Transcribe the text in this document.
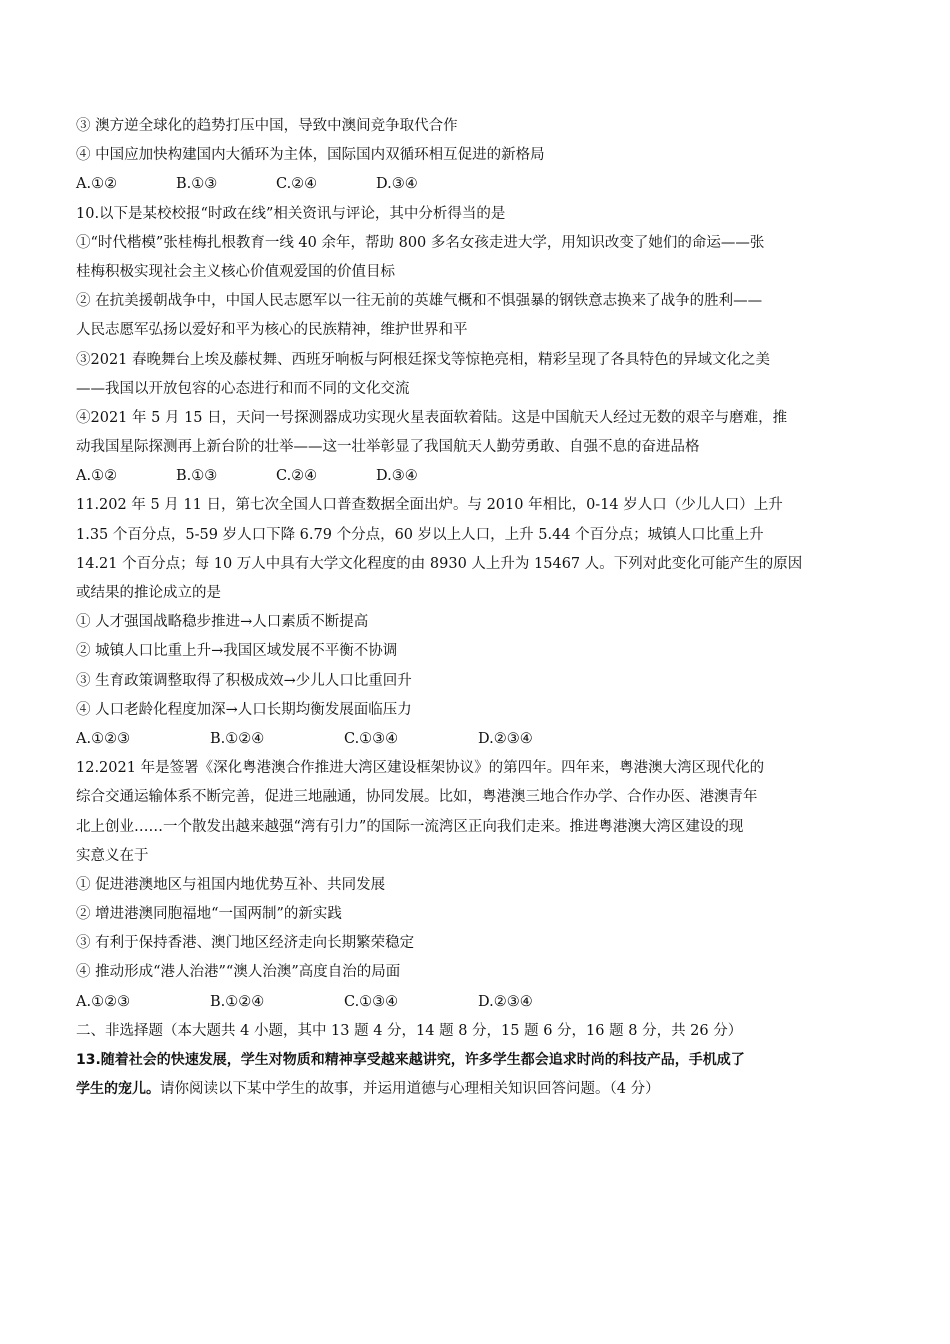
③ 澳方逆全球化的趋势打压中国，导致中澳间竞争取代合作
④ 中国应加快构建国内大循环为主体，国际国内双循环相互促进的新格局
A.①②	B.①③	C.②④	D.③④
10.以下是某校校报“时政在线”相关资讯与评论，其中分析得当的是
①“时代楷模”张桂梅扎根教育一线 40 余年，帮助 800 多名女孩走进大学，用知识改变了她们的命运——张
桂梅积极实现社会主义核心价值观爱国的价值目标
② 在抗美援朝战争中，中国人民志愿军以一往无前的英雄气概和不惧强暴的钢铁意志换来了战争的胜利——
人民志愿军弘扬以爱好和平为核心的民族精神，维护世界和平
③2021 春晚舞台上埃及藤杖舞、西班牙响板与阿根廷探戈等惊艳亮相，精彩呈现了各具特色的异域文化之美
——我国以开放包容的心态进行和而不同的文化交流
④2021 年 5 月 15 日，天问一号探测器成功实现火星表面软着陆。这是中国航天人经过无数的艰辛与磨难，推
动我国星际探测再上新台阶的壮举——这一壮举彰显了我国航天人勤劳勇敢、自强不息的奋进品格
A.①②	B.①③	C.②④	D.③④
11.202 年 5 月 11 日，第七次全国人口普查数据全面出炉。与 2010 年相比，0-14 岁人口（少儿人口）上升
1.35 个百分点，5-59 岁人口下降 6.79 个分点，60 岁以上人口，上升 5.44 个百分点；城镇人口比重上升
14.21 个百分点；每 10 万人中具有大学文化程度的由 8930 人上升为 15467 人。下列对此变化可能产生的原因
或结果的推论成立的是
① 人才强国战略稳步推进→人口素质不断提高
② 城镇人口比重上升→我国区域发展不平衡不协调
③ 生育政策调整取得了积极成效→少儿人口比重回升
④ 人口老龄化程度加深→人口长期均衡发展面临压力
A.①②③	B.①②④	C.①③④	D.②③④
12.2021 年是签署《深化粤港澳合作推进大湾区建设框架协议》的第四年。四年来，粤港澳大湾区现代化的
综合交通运输体系不断完善，促进三地融通，协同发展。比如，粤港澳三地合作办学、合作办医、港澳青年
北上创业……一个散发出越来越强“湾有引力”的国际一流湾区正向我们走来。推进粤港澳大湾区建设的现
实意义在于
① 促进港澳地区与祖国内地优势互补、共同发展
② 增进港澳同胞福地“一国两制”的新实践
③ 有利于保持香港、澳门地区经济走向长期繁荣稳定
④ 推动形成“港人治港”“澳人治澳”高度自治的局面
A.①②③	B.①②④	C.①③④	D.②③④
二、非选择题（本大题共 4 小题，其中 13 题 4 分，14 题 8 分，15 题 6 分，16 题 8 分，共 26 分）
13.随着社会的快速发展，学生对物质和精神享受越来越讲究，许多学生都会追求时尚的科技产品，手机成了
学生的宠儿。请你阅读以下某中学生的故事，并运用道德与心理相关知识回答问题。（4 分）
